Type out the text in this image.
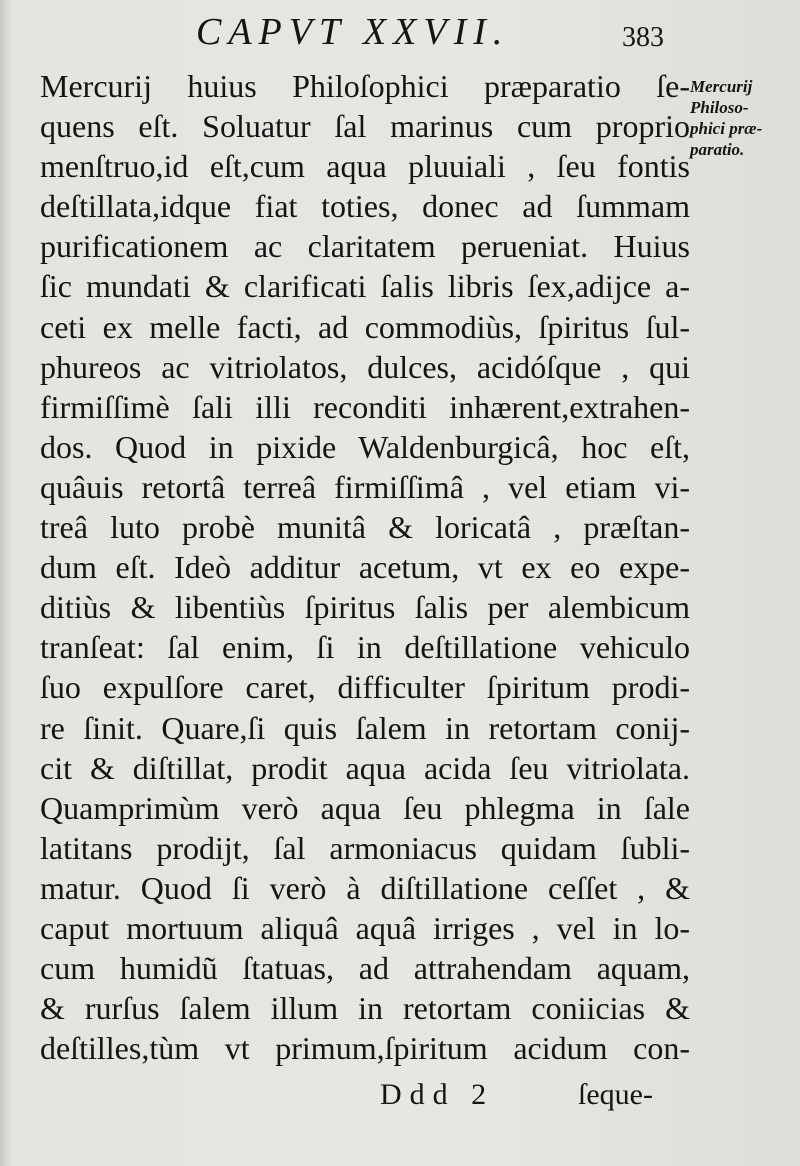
CAPVT XXVII.	383
Mercurij huius Philoſophici præparatio ſe-
quens eſt. Soluatur ſal marinus cum proprio
menſtruo,id eſt,cum aqua pluuiali , ſeu fontis
deſtillata,idque fiat toties, donec ad ſummam
purificationem ac claritatem perueniat. Huius
ſic mundati & clarificati ſalis libris ſex,adijce a-
ceti ex melle facti, ad commodiùs, ſpiritus ſul-
phureos ac vitriolatos, dulces, acidóſque , qui
firmiſſimè ſali illi reconditi inhærent,extrahen-
dos. Quod in pixide Waldenburgicâ, hoc eſt,
quâuis retortâ terreâ firmiſſimâ , vel etiam vi-
treâ luto probè munitâ & loricatâ , præſtan-
dum eſt. Ideò additur acetum, vt ex eo expe-
ditiùs & libentiùs ſpiritus ſalis per alembicum
tranſeat: ſal enim, ſi in deſtillatione vehiculo
ſuo expulſore caret, difficulter ſpiritum prodi-
re ſinit. Quare,ſi quis ſalem in retortam conij-
cit & diſtillat, prodit aqua acida ſeu vitriolata.
Quamprimùm verò aqua ſeu phlegma in ſale
latitans prodijt, ſal armoniacus quidam ſubli-
matur. Quod ſi verò à diſtillatione ceſſet , &
caput mortuum aliquâ aquâ irriges , vel in lo-
cum humidũ ſtatuas, ad attrahendam aquam,
& rurſus ſalem illum in retortam coniicias &
deſtilles,tùm vt primum,ſpiritum acidum con-
Mercurij
Philoso-
phici præ-
paratio.
Ddd 2	ſeque-
